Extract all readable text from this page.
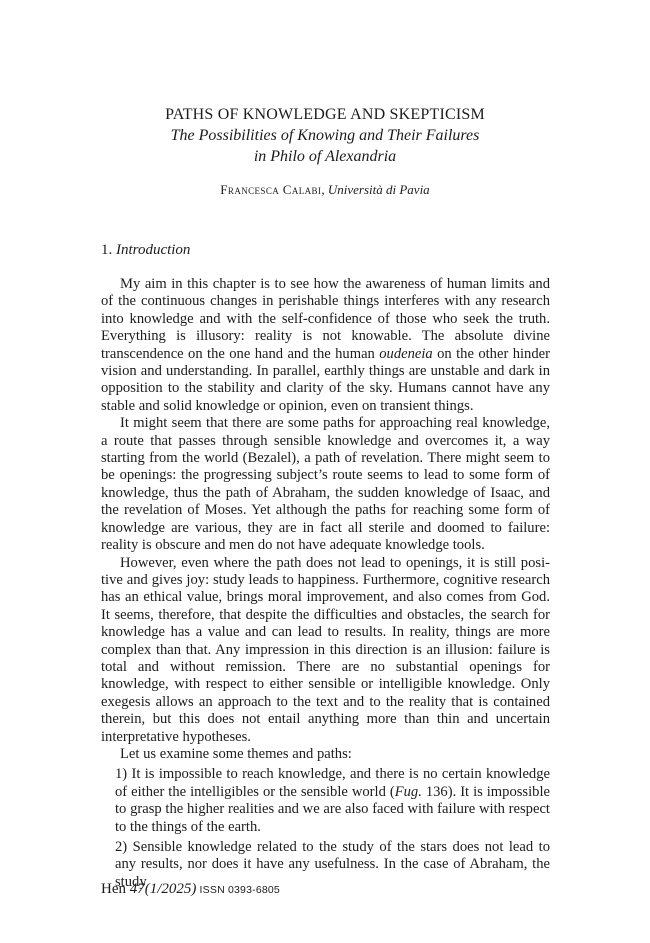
PATHS OF KNOWLEDGE AND SKEPTICISM
The Possibilities of Knowing and Their Failures
in Philo of Alexandria
Francesca Calabi, Università di Pavia
1. Introduction

My aim in this chapter is to see how the awareness of human limits and of the continuous changes in perishable things interferes with any research into knowledge and with the self-confidence of those who seek the truth. Everything is illusory: reality is not knowable. The absolute divine transcendence on the one hand and the human oudeneia on the other hinder vision and understanding. In parallel, earthly things are unstable and dark in opposition to the stability and clarity of the sky. Humans cannot have any stable and solid knowledge or opinion, even on transient things.

It might seem that there are some paths for approaching real knowledge, a route that passes through sensible knowledge and overcomes it, a way starting from the world (Bezalel), a path of revelation. There might seem to be openings: the progressing subject’s route seems to lead to some form of knowledge, thus the path of Abraham, the sudden knowledge of Isaac, and the revelation of Moses. Yet although the paths for reaching some form of knowledge are various, they are in fact all sterile and doomed to failure: reality is obscure and men do not have adequate knowledge tools.

However, even where the path does not lead to openings, it is still positive and gives joy: study leads to happiness. Furthermore, cognitive research has an ethical value, brings moral improvement, and also comes from God. It seems, therefore, that despite the difficulties and obstacles, the search for knowledge has a value and can lead to results. In reality, things are more complex than that. Any impression in this direction is an illusion: failure is total and without remission. There are no substantial openings for knowledge, with respect to either sensible or intelligible knowledge. Only exegesis allows an approach to the text and to the reality that is contained therein, but this does not entail anything more than thin and uncertain interpretative hypotheses.

Let us examine some themes and paths:

1) It is impossible to reach knowledge, and there is no certain knowledge of either the intelligibles or the sensible world (Fug. 136). It is impossible to grasp the higher realities and we are also faced with failure with respect to the things of the earth.

2) Sensible knowledge related to the study of the stars does not lead to any results, nor does it have any usefulness. In the case of Abraham, the study

Hen 47(1/2025) ISSN 0393-6805
